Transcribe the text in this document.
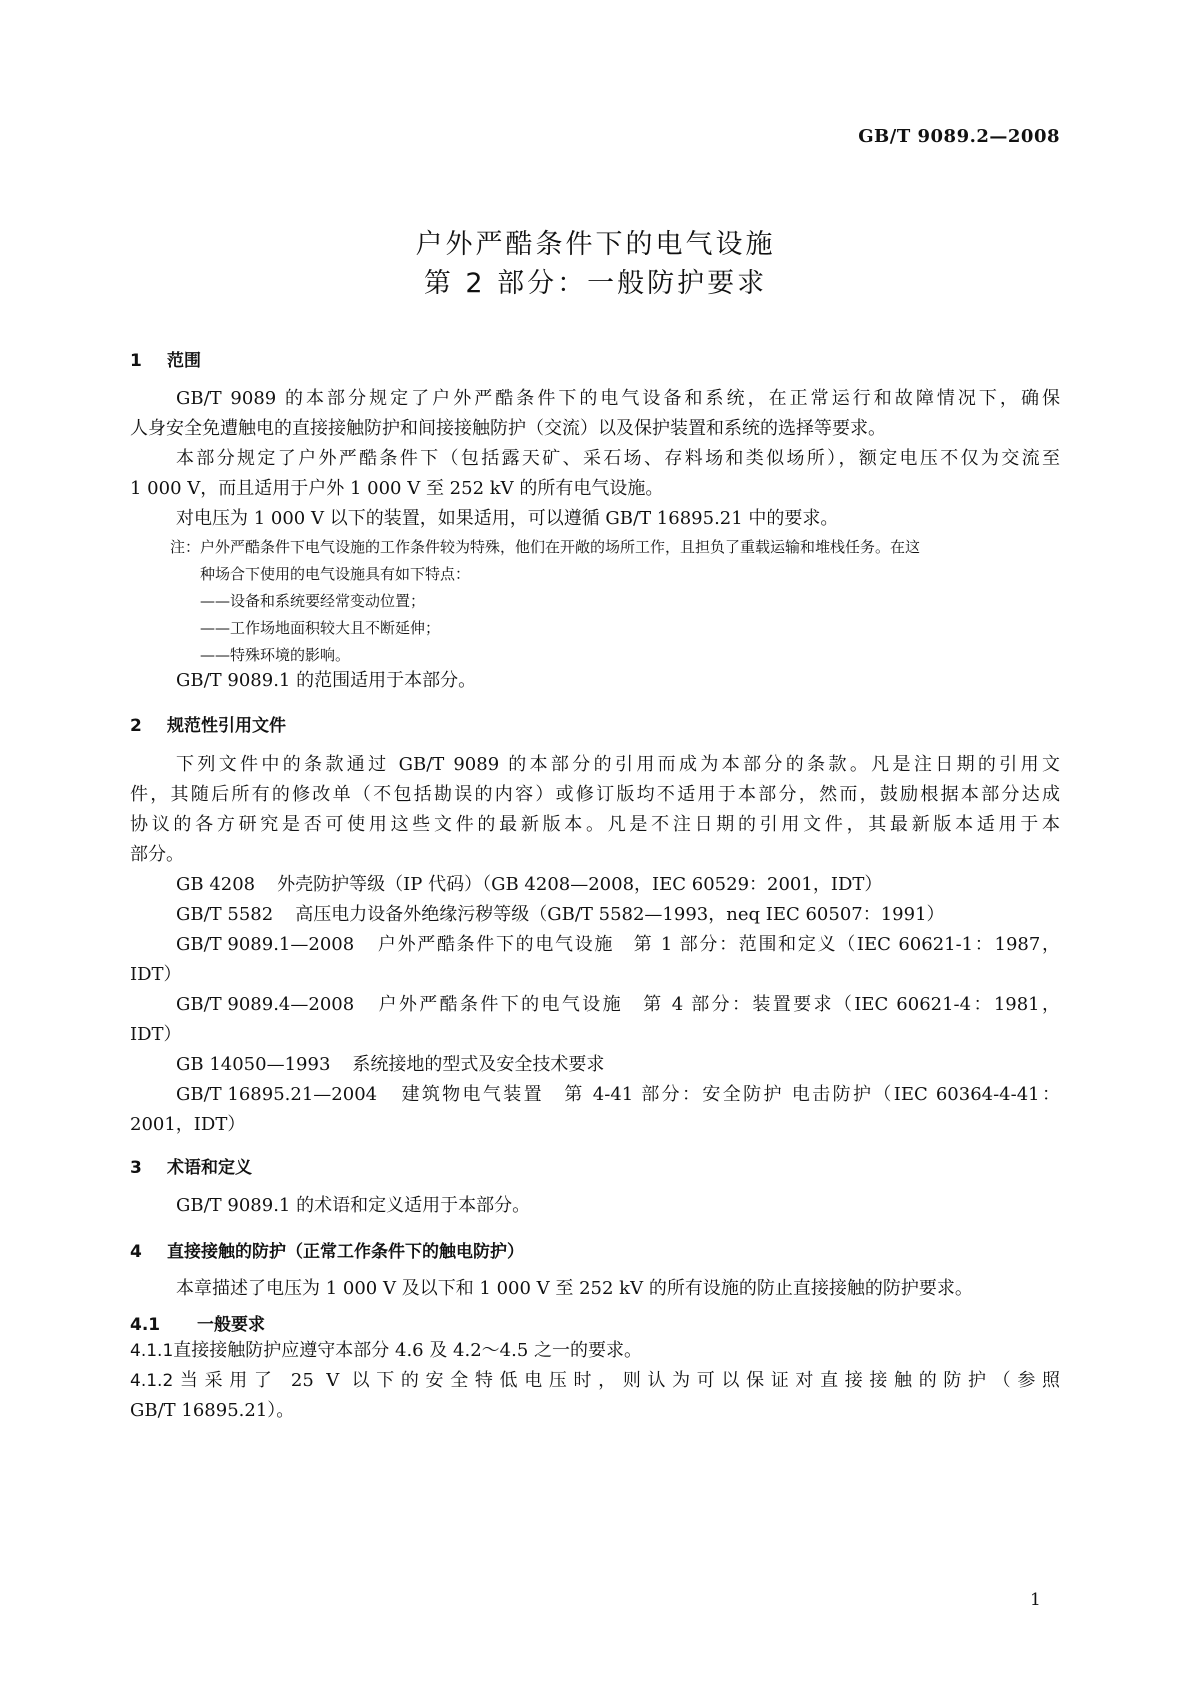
GB/T 9089.2—2008
户外严酷条件下的电气设施
第 2 部分：一般防护要求
1 范围
GB/T 9089 的本部分规定了户外严酷条件下的电气设备和系统，在正常运行和故障情况下，确保
人身安全免遭触电的直接接触防护和间接接触防护（交流）以及保护装置和系统的选择等要求。
本部分规定了户外严酷条件下（包括露天矿、采石场、存料场和类似场所），额定电压不仅为交流至
1 000 V，而且适用于户外 1 000 V 至 252 kV 的所有电气设施。
对电压为 1 000 V 以下的装置，如果适用，可以遵循 GB/T 16895.21 中的要求。
注：户外严酷条件下电气设施的工作条件较为特殊，他们在开敞的场所工作，且担负了重载运输和堆栈任务。在这
种场合下使用的电气设施具有如下特点：
——设备和系统要经常变动位置；
——工作场地面积较大且不断延伸；
——特殊环境的影响。
GB/T 9089.1 的范围适用于本部分。
2 规范性引用文件
下列文件中的条款通过 GB/T 9089 的本部分的引用而成为本部分的条款。凡是注日期的引用文
件，其随后所有的修改单（不包括勘误的内容）或修订版均不适用于本部分，然而，鼓励根据本部分达成
协议的各方研究是否可使用这些文件的最新版本。凡是不注日期的引用文件，其最新版本适用于本
部分。
GB 4208 外壳防护等级（IP 代码）（GB 4208—2008，IEC 60529：2001，IDT）
GB/T 5582 高压电力设备外绝缘污秽等级（GB/T 5582—1993，neq IEC 60507：1991）
GB/T 9089.1—2008 户外严酷条件下的电气设施　第 1 部分：范围和定义（IEC 60621-1：1987，
IDT）
GB/T 9089.4—2008 户外严酷条件下的电气设施　第 4 部分：装置要求（IEC 60621-4：1981，
IDT）
GB 14050—1993 系统接地的型式及安全技术要求
GB/T 16895.21—2004 建筑物电气装置　第 4-41 部分：安全防护 电击防护（IEC 60364-4-41：
2001，IDT）
3 术语和定义
GB/T 9089.1 的术语和定义适用于本部分。
4 直接接触的防护（正常工作条件下的触电防护）
本章描述了电压为 1 000 V 及以下和 1 000 V 至 252 kV 的所有设施的防止直接接触的防护要求。
4.1 一般要求
4.1.1直接接触防护应遵守本部分 4.6 及 4.2～4.5 之一的要求。
4.1.2当采用了 25 V 以下的安全特低电压时，则认为可以保证对直接接触的防护（参照
GB/T 16895.21）。
1
